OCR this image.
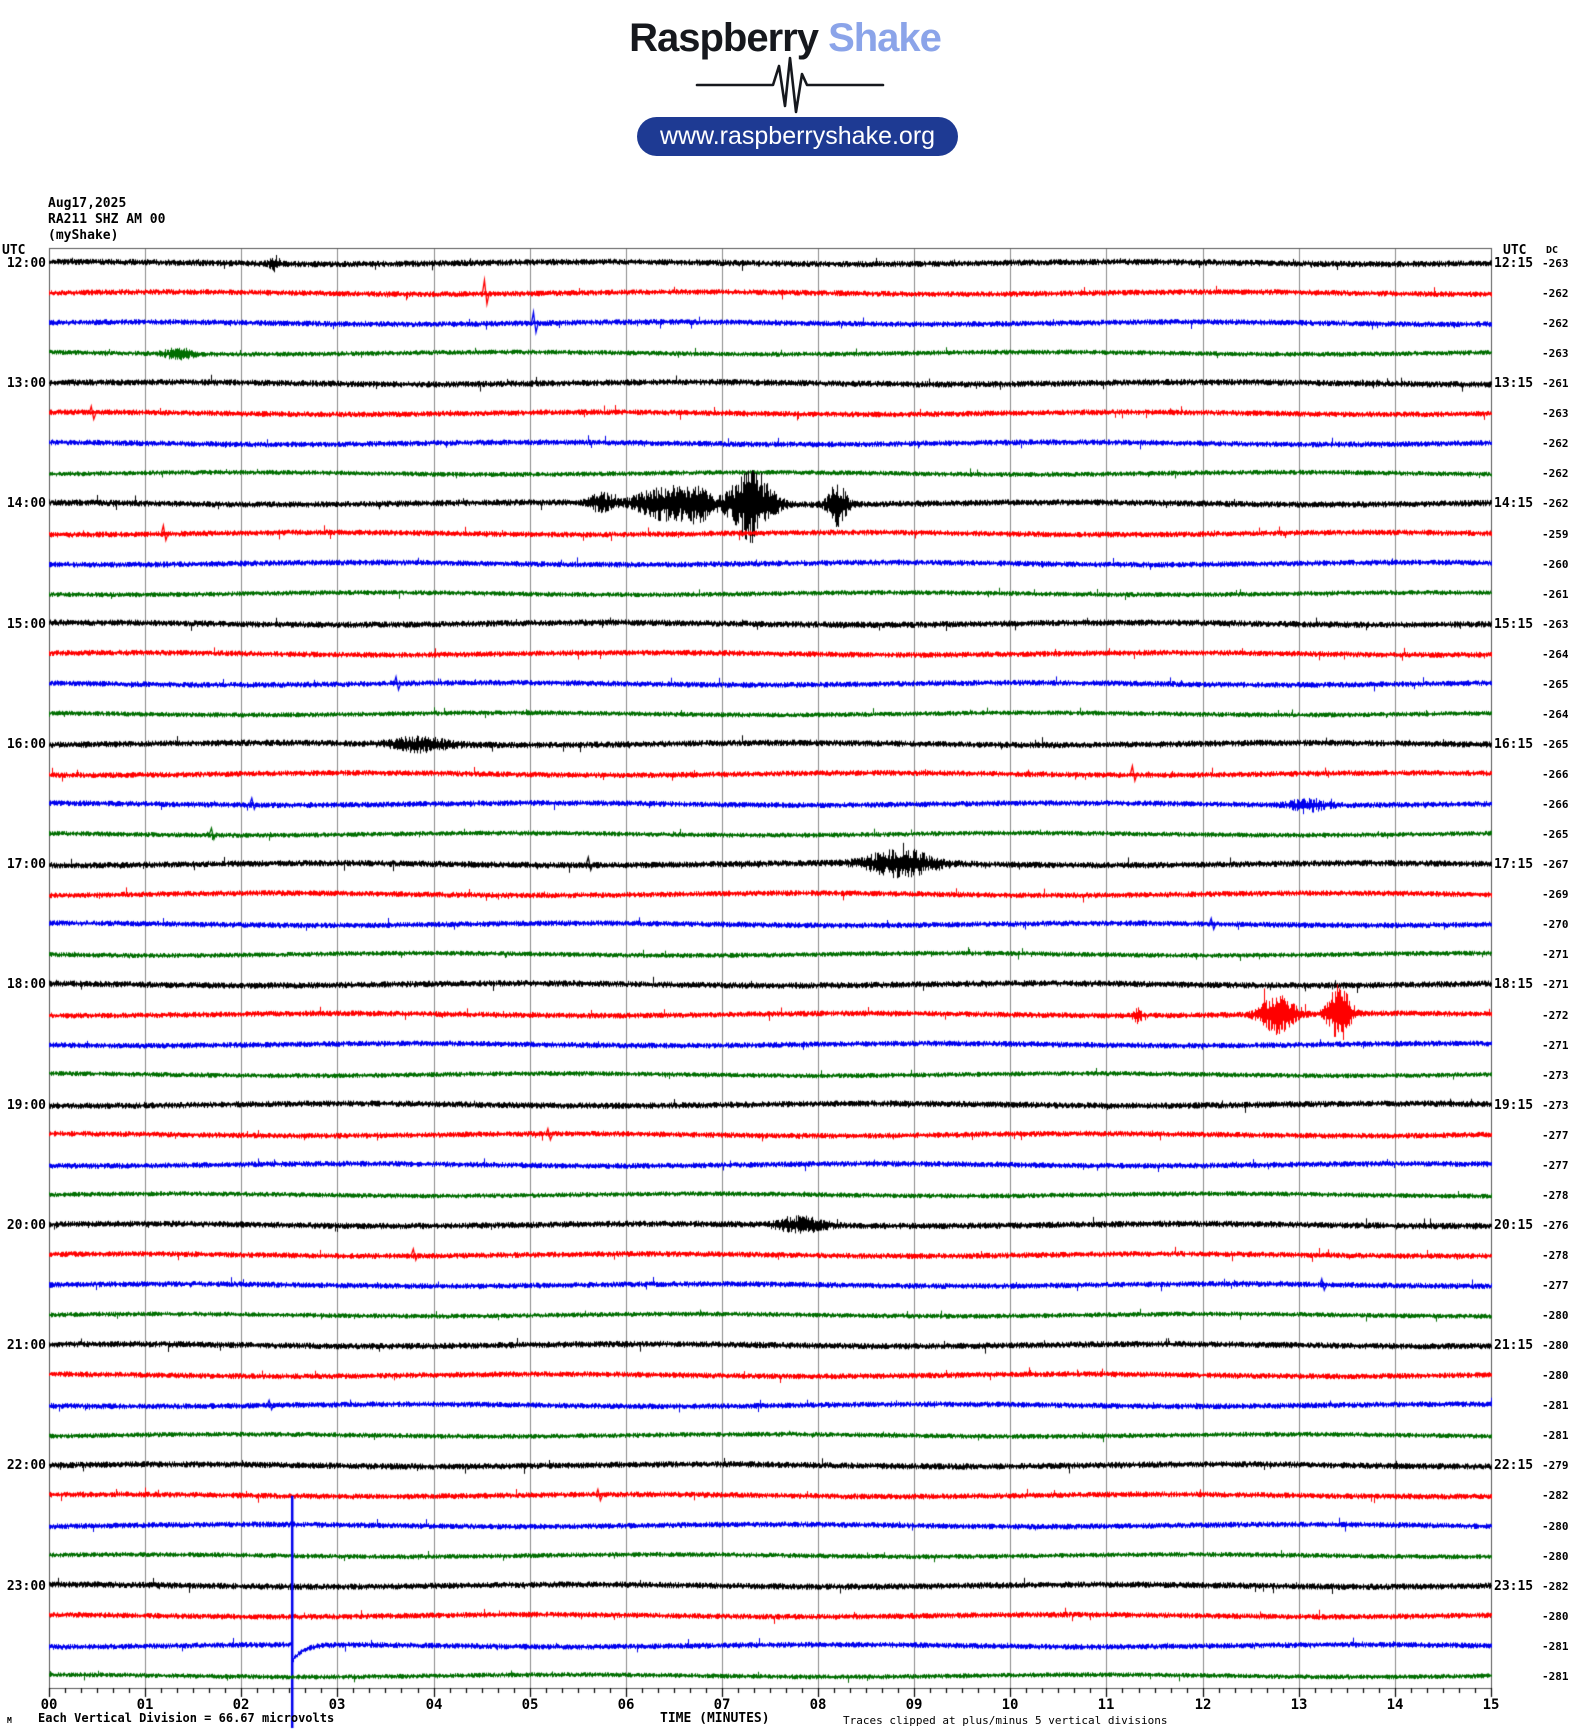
Raspberry Shake
www.raspberryshake.org
Aug17,2025
RA211 SHZ AM 00
(myShake)
UTC	UTC DC
12:00	12:15 -263
-262
-262
-263
13:00	13:15 -261
-263
-262
-262
14:00	14:15 -262
-259
-260
-261
15:00	15:15 -263
-264
-265
-264
16:00	16:15 -265
-266
-266
-265
17:00	17:15 -267
-269
-270
-271
18:00	18:15 -271
-272
-271
-273
19:00	19:15 -273
-277
-277
-278
20:00	20:15 -276
-278
-277
-280
21:00	21:15 -280
-280
-281
-281
22:00	22:15 -279
-282
-280
-280
23:00	23:15 -282
-280
-281
-281
00	01	02	03	04	05	06	07	08	09	10	11	12	13	14	15
M Each Vertical Division = 66.67 microvolts	TIME (MINUTES)	Traces clipped at plus/minus 5 vertical divisions
